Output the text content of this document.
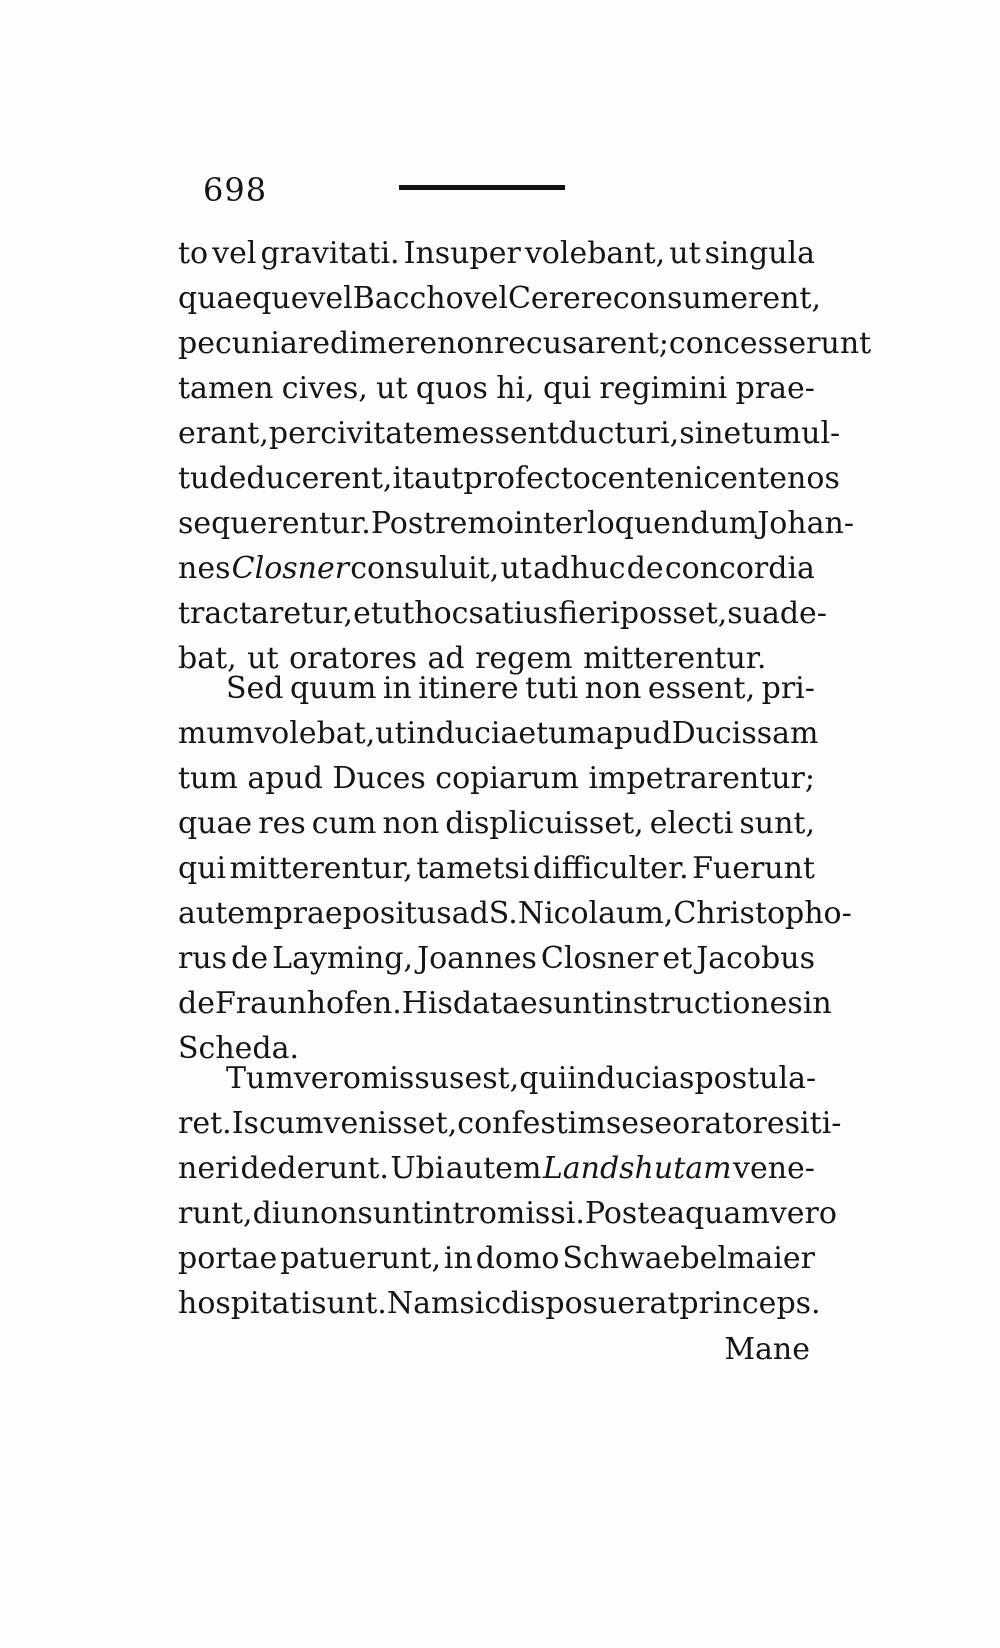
698
to vel gravitati. Insuper volebant, ut singula
quaeque vel Baccho vel Cerere consumerent,
pecunia redimere non recusarent; concesserunt
tamen cives, ut quos hi, qui regimini prae-
erant, per civitatem essent ducturi, sine tumul-
tu deducerent, ita ut profecto centeni centenos
sequerentur. Postremo inter loquendum Johan-
nes Closner consuluit, ut adhuc de concordia
tractaretur, et ut hoc satius fieri posset, suade-
bat, ut oratores ad regem mitterentur.
Sed quum in itinere tuti non essent, pri-
mum volebat, ut induciae tum apud Ducissam
tum apud Duces copiarum impetrarentur;
quae res cum non displicuisset, electi sunt,
qui mitterentur, tametsi difficulter. Fuerunt
autem praepositus ad S. Nicolaum, Christopho-
rus de Layming, Joannes Closner et Jacobus
de Fraunhofen. His datae sunt instructiones in
Scheda.
Tum vero missus est, qui inducias postula-
ret. Is cum venisset, confestim sese oratores iti-
neri dederunt. Ubi autem Landshutam vene-
runt, diu non sunt intromissi. Posteaquam vero
portae patuerunt, in domo Schwaebelmaier
hospitati sunt. Nam sic disposuerat princeps.
Mane
